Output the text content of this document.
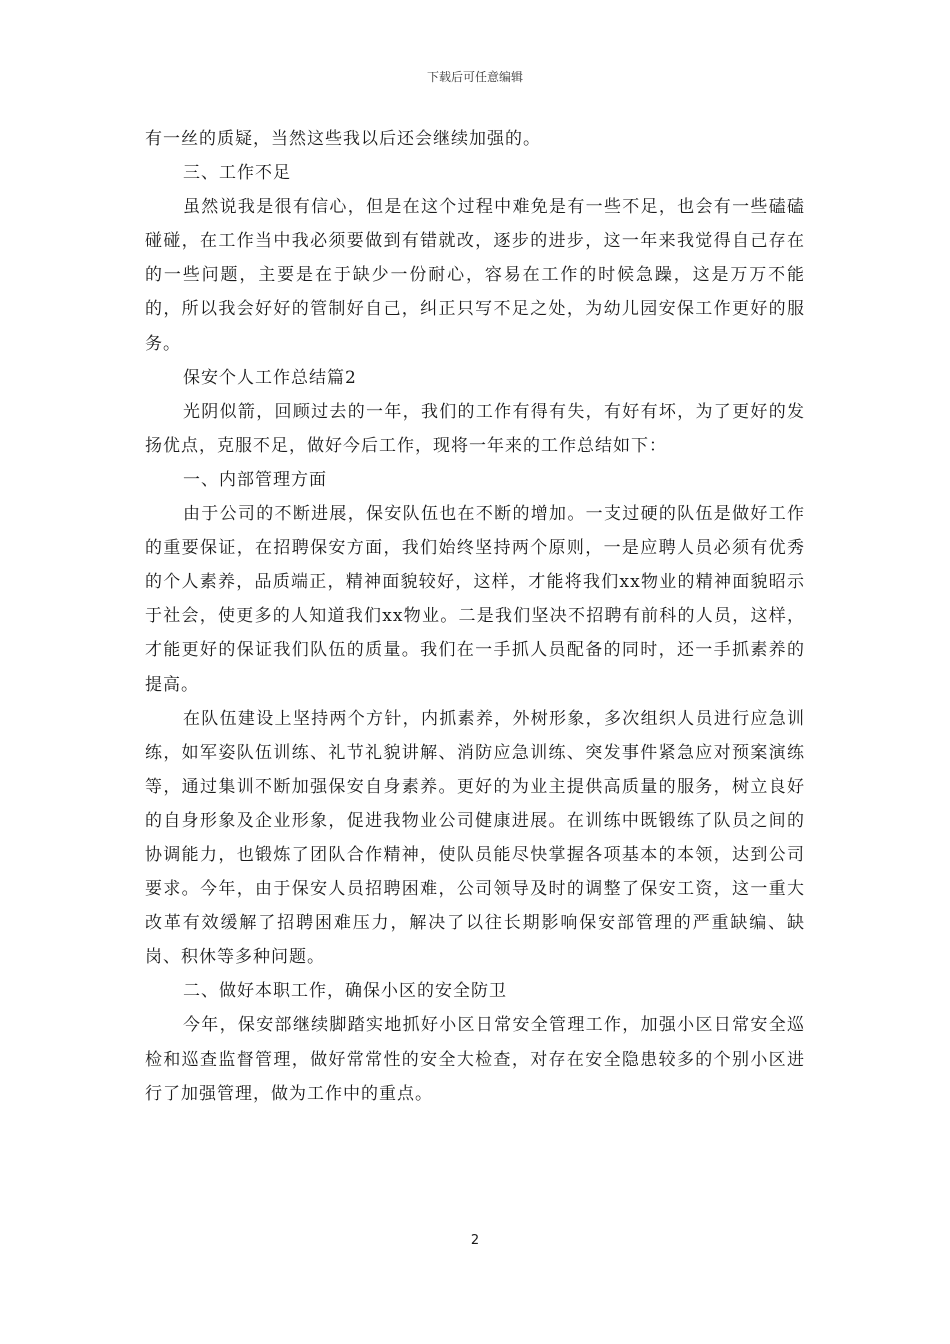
下载后可任意编辑

有一丝的质疑，当然这些我以后还会继续加强的。

三、工作不足

虽然说我是很有信心，但是在这个过程中难免是有一些不足，也会有一些磕磕碰碰，在工作当中我必须要做到有错就改，逐步的进步，这一年来我觉得自己存在的一些问题，主要是在于缺少一份耐心，容易在工作的时候急躁，这是万万不能的，所以我会好好的管制好自己，纠正只写不足之处，为幼儿园安保工作更好的服务。

保安个人工作总结篇2

光阴似箭，回顾过去的一年，我们的工作有得有失，有好有坏，为了更好的发扬优点，克服不足，做好今后工作，现将一年来的工作总结如下：

一、内部管理方面

由于公司的不断进展，保安队伍也在不断的增加。一支过硬的队伍是做好工作的重要保证，在招聘保安方面，我们始终坚持两个原则，一是应聘人员必须有优秀的个人素养，品质端正，精神面貌较好，这样，才能将我们xx物业的精神面貌昭示于社会，使更多的人知道我们xx物业。二是我们坚决不招聘有前科的人员，这样，才能更好的保证我们队伍的质量。我们在一手抓人员配备的同时，还一手抓素养的提高。

在队伍建设上坚持两个方针，内抓素养，外树形象，多次组织人员进行应急训练，如军姿队伍训练、礼节礼貌讲解、消防应急训练、突发事件紧急应对预案演练等，通过集训不断加强保安自身素养。更好的为业主提供高质量的服务，树立良好的自身形象及企业形象，促进我物业公司健康进展。在训练中既锻练了队员之间的协调能力，也锻炼了团队合作精神，使队员能尽快掌握各项基本的本领，达到公司要求。今年，由于保安人员招聘困难，公司领导及时的调整了保安工资，这一重大改革有效缓解了招聘困难压力，解决了以往长期影响保安部管理的严重缺编、缺岗、积休等多种问题。

二、做好本职工作，确保小区的安全防卫

今年，保安部继续脚踏实地抓好小区日常安全管理工作，加强小区日常安全巡检和巡查监督管理，做好常常性的安全大检查，对存在安全隐患较多的个别小区进行了加强管理，做为工作中的重点。

2
